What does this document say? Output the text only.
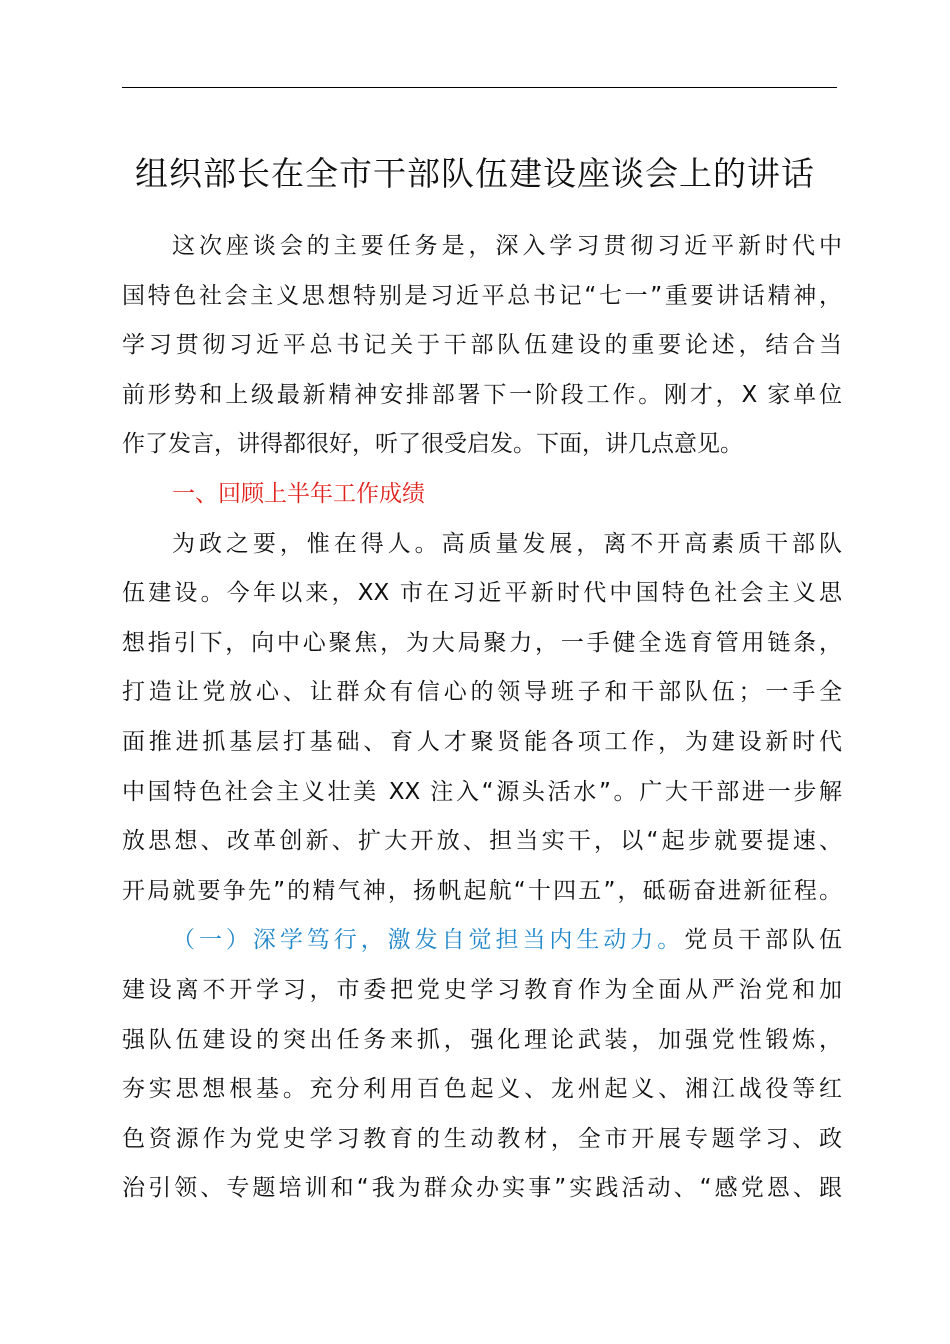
组织部长在全市干部队伍建设座谈会上的讲话
这次座谈会的主要任务是，深入学习贯彻习近平新时代中
国特色社会主义思想特别是习近平总书记“七一”重要讲话精神，
学习贯彻习近平总书记关于干部队伍建设的重要论述，结合当
前形势和上级最新精神安排部署下一阶段工作。刚才，X 家单位
作了发言，讲得都很好，听了很受启发。下面，讲几点意见。
一、回顾上半年工作成绩
为政之要，惟在得人。高质量发展，离不开高素质干部队
伍建设。今年以来，XX 市在习近平新时代中国特色社会主义思
想指引下，向中心聚焦，为大局聚力，一手健全选育管用链条，
打造让党放心、让群众有信心的领导班子和干部队伍；一手全
面推进抓基层打基础、育人才聚贤能各项工作，为建设新时代
中国特色社会主义壮美 XX 注入“源头活水”。广大干部进一步解
放思想、改革创新、扩大开放、担当实干，以“起步就要提速、
开局就要争先”的精气神，扬帆起航“十四五”，砥砺奋进新征程。
（一）深学笃行，激发自觉担当内生动力。党员干部队伍
建设离不开学习，市委把党史学习教育作为全面从严治党和加
强队伍建设的突出任务来抓，强化理论武装，加强党性锻炼，
夯实思想根基。充分利用百色起义、龙州起义、湘江战役等红
色资源作为党史学习教育的生动教材，全市开展专题学习、政
治引领、专题培训和“我为群众办实事”实践活动、“感党恩、跟
